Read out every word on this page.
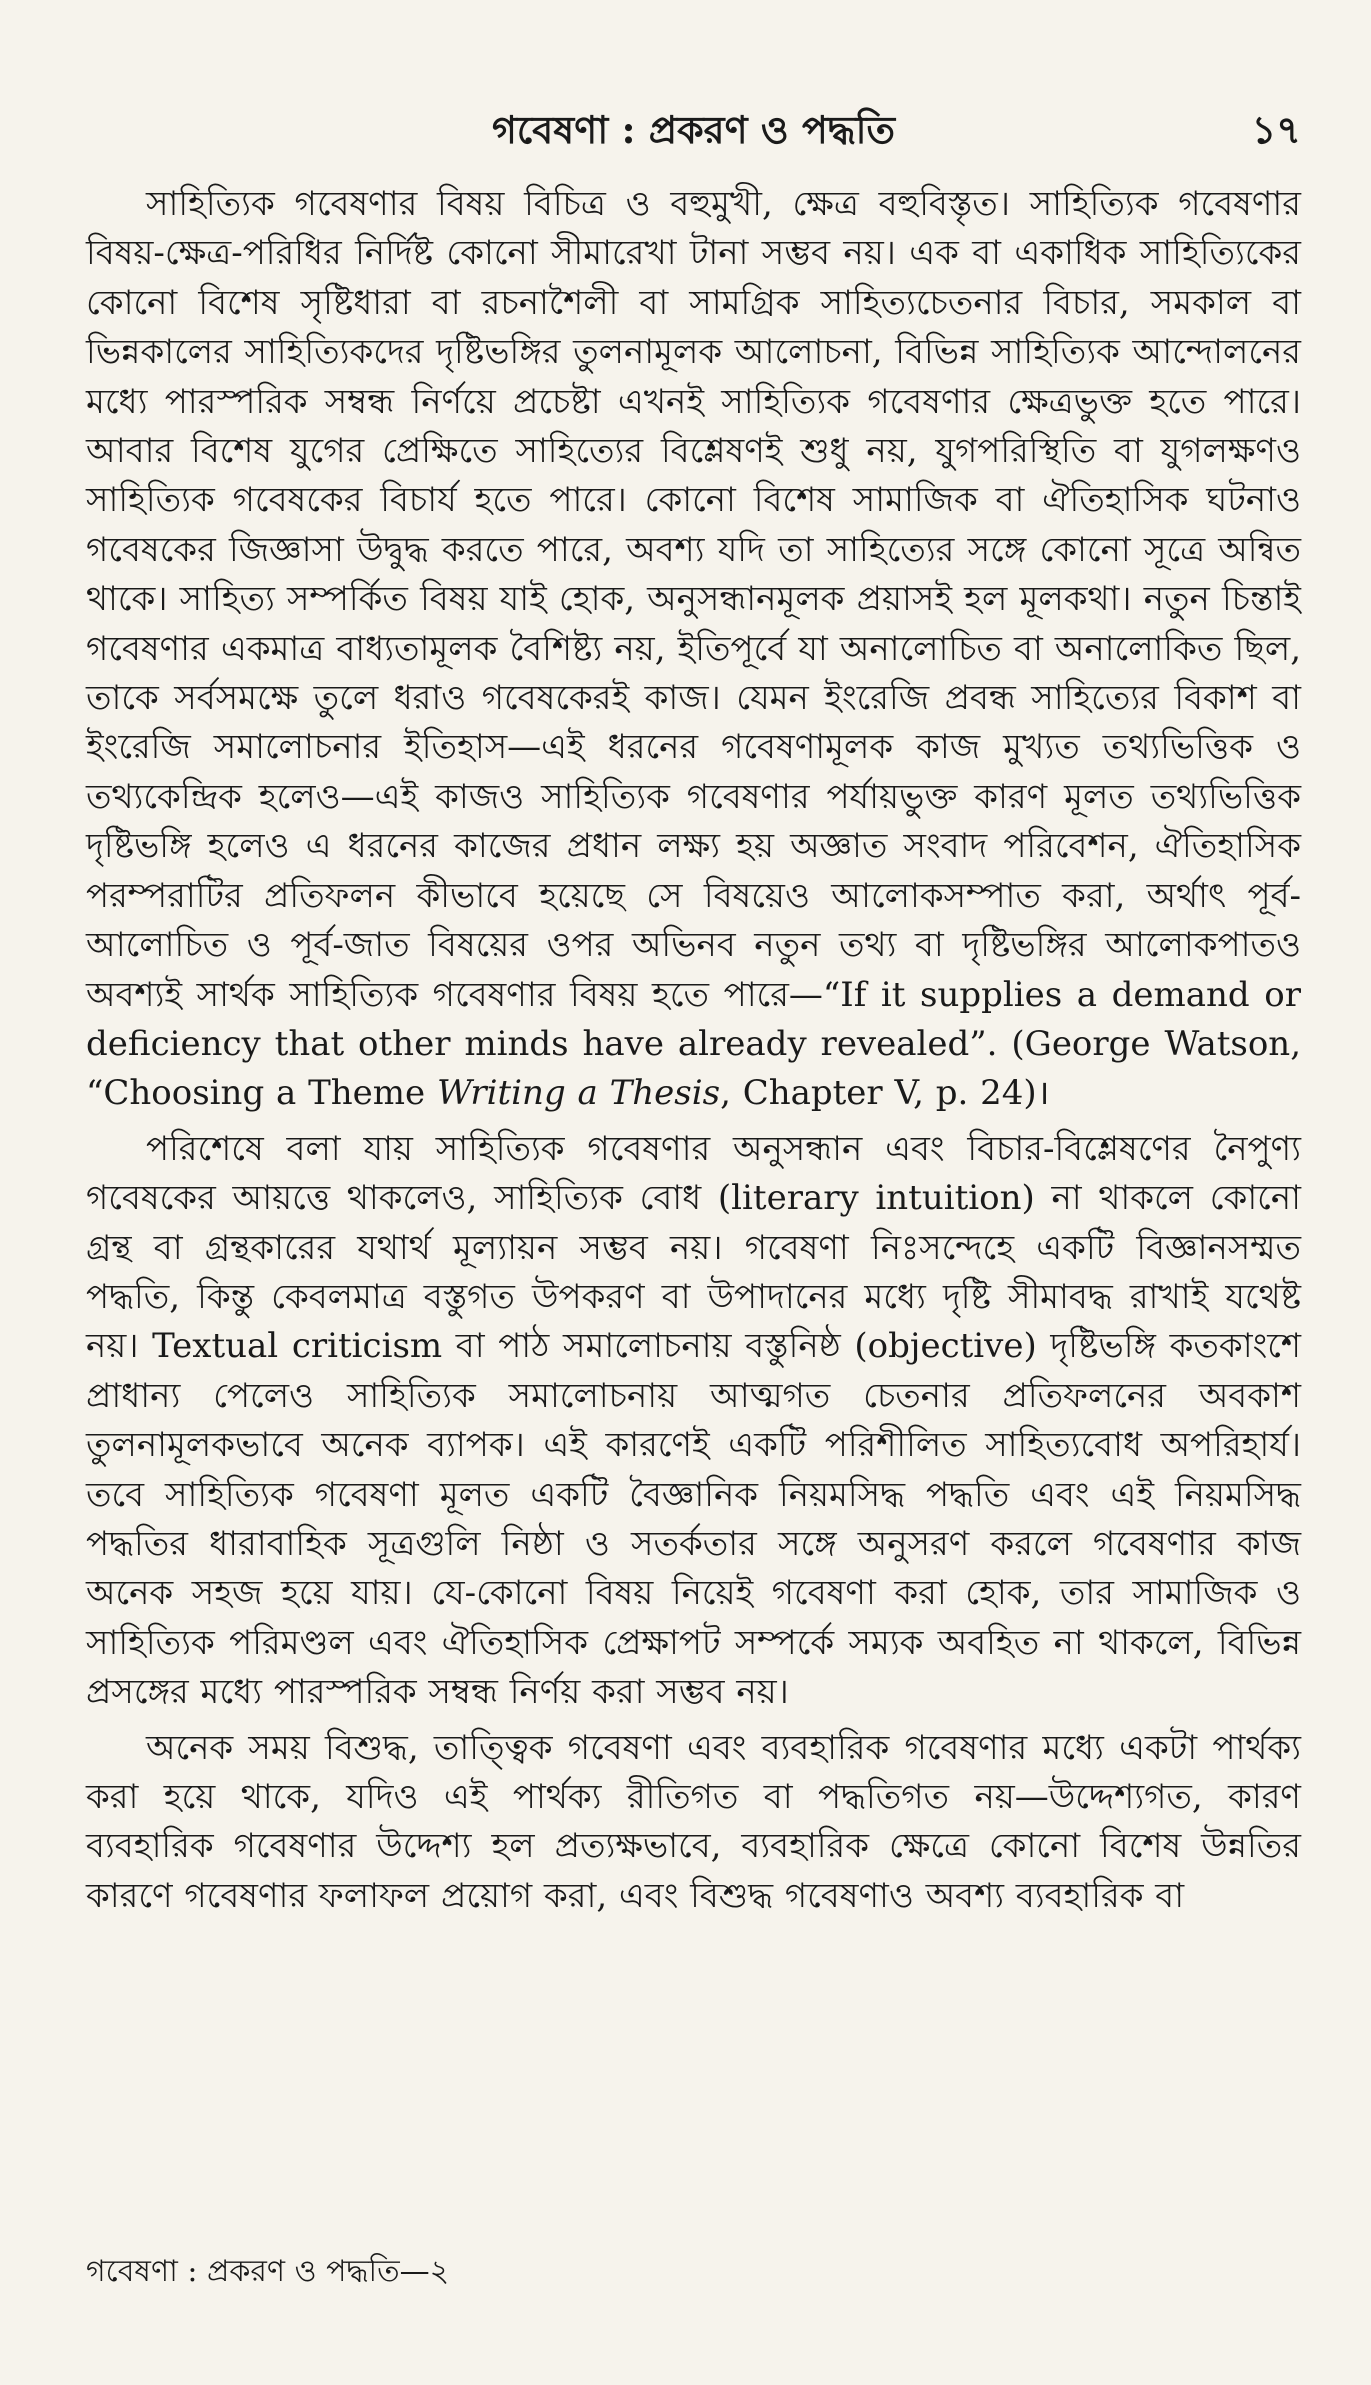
গবেষণা : প্রকরণ ও পদ্ধতি	১৭

সাহিত্যিক গবেষণার বিষয় বিচিত্র ও বহুমুখী, ক্ষেত্র বহুবিস্তৃত। সাহিত্যিক গবেষণার বিষয়-ক্ষেত্র-পরিধির নির্দিষ্ট কোনো সীমারেখা টানা সম্ভব নয়। এক বা একাধিক সাহিত্যিকের কোনো বিশেষ সৃষ্টিধারা বা রচনাশৈলী বা সামগ্রিক সাহিত্যচেতনার বিচার, সমকাল বা ভিন্নকালের সাহিত্যিকদের দৃষ্টিভঙ্গির তুলনামূলক আলোচনা, বিভিন্ন সাহিত্যিক আন্দোলনের মধ্যে পারস্পরিক সম্বন্ধ নির্ণয়ে প্রচেষ্টা এখনই সাহিত্যিক গবেষণার ক্ষেত্রভুক্ত হতে পারে। আবার বিশেষ যুগের প্রেক্ষিতে সাহিত্যের বিশ্লেষণই শুধু নয়, যুগপরিস্থিতি বা যুগলক্ষণও সাহিত্যিক গবেষকের বিচার্য হতে পারে। কোনো বিশেষ সামাজিক বা ঐতিহাসিক ঘটনাও গবেষকের জিজ্ঞাসা উদ্বুদ্ধ করতে পারে, অবশ্য যদি তা সাহিত্যের সঙ্গে কোনো সূত্রে অন্বিত থাকে। সাহিত্য সম্পর্কিত বিষয় যাই হোক, অনুসন্ধানমূলক প্রয়াসই হল মূলকথা। নতুন চিন্তাই গবেষণার একমাত্র বাধ্যতামূলক বৈশিষ্ট্য নয়, ইতিপূর্বে যা অনালোচিত বা অনালোকিত ছিল, তাকে সর্বসমক্ষে তুলে ধরাও গবেষকেরই কাজ। যেমন ইংরেজি প্রবন্ধ সাহিত্যের বিকাশ বা ইংরেজি সমালোচনার ইতিহাস—এই ধরনের গবেষণামূলক কাজ মুখ্যত তথ্যভিত্তিক ও তথ্যকেন্দ্রিক হলেও—এই কাজও সাহিত্যিক গবেষণার পর্যায়ভুক্ত কারণ মূলত তথ্যভিত্তিক দৃষ্টিভঙ্গি হলেও এ ধরনের কাজের প্রধান লক্ষ্য হয় অজ্ঞাত সংবাদ পরিবেশন, ঐতিহাসিক পরম্পরাটির প্রতিফলন কীভাবে হয়েছে সে বিষয়েও আলোকসম্পাত করা, অর্থাৎ পূর্ব-আলোচিত ও পূর্ব-জাত বিষয়ের ওপর অভিনব নতুন তথ্য বা দৃষ্টিভঙ্গির আলোকপাতও অবশ্যই সার্থক সাহিত্যিক গবেষণার বিষয় হতে পারে—“If it supplies a demand or deficiency that other minds have already revealed”. (George Watson, “Choosing a Theme Writing a Thesis, Chapter V, p. 24)।

পরিশেষে বলা যায় সাহিত্যিক গবেষণার অনুসন্ধান এবং বিচার-বিশ্লেষণের নৈপুণ্য গবেষকের আয়ত্তে থাকলেও, সাহিত্যিক বোধ (literary intuition) না থাকলে কোনো গ্রন্থ বা গ্রন্থকারের যথার্থ মূল্যায়ন সম্ভব নয়। গবেষণা নিঃসন্দেহে একটি বিজ্ঞানসম্মত পদ্ধতি, কিন্তু কেবলমাত্র বস্তুগত উপকরণ বা উপাদানের মধ্যে দৃষ্টি সীমাবদ্ধ রাখাই যথেষ্ট নয়। Textual criticism বা পাঠ সমালোচনায় বস্তুনিষ্ঠ (objective) দৃষ্টিভঙ্গি কতকাংশে প্রাধান্য পেলেও সাহিত্যিক সমালোচনায় আত্মগত চেতনার প্রতিফলনের অবকাশ তুলনামূলকভাবে অনেক ব্যাপক। এই কারণেই একটি পরিশীলিত সাহিত্যবোধ অপরিহার্য। তবে সাহিত্যিক গবেষণা মূলত একটি বৈজ্ঞানিক নিয়মসিদ্ধ পদ্ধতি এবং এই নিয়মসিদ্ধ পদ্ধতির ধারাবাহিক সূত্রগুলি নিষ্ঠা ও সতর্কতার সঙ্গে অনুসরণ করলে গবেষণার কাজ অনেক সহজ হয়ে যায়। যে-কোনো বিষয় নিয়েই গবেষণা করা হোক, তার সামাজিক ও সাহিত্যিক পরিমণ্ডল এবং ঐতিহাসিক প্রেক্ষাপট সম্পর্কে সম্যক অবহিত না থাকলে, বিভিন্ন প্রসঙ্গের মধ্যে পারস্পরিক সম্বন্ধ নির্ণয় করা সম্ভব নয়।

অনেক সময় বিশুদ্ধ, তাত্ত্বিক গবেষণা এবং ব্যবহারিক গবেষণার মধ্যে একটা পার্থক্য করা হয়ে থাকে, যদিও এই পার্থক্য রীতিগত বা পদ্ধতিগত নয়—উদ্দেশ্যগত, কারণ ব্যবহারিক গবেষণার উদ্দেশ্য হল প্রত্যক্ষভাবে, ব্যবহারিক ক্ষেত্রে কোনো বিশেষ উন্নতির কারণে গবেষণার ফলাফল প্রয়োগ করা, এবং বিশুদ্ধ গবেষণাও অবশ্য ব্যবহারিক বা

গবেষণা : প্রকরণ ও পদ্ধতি—২
